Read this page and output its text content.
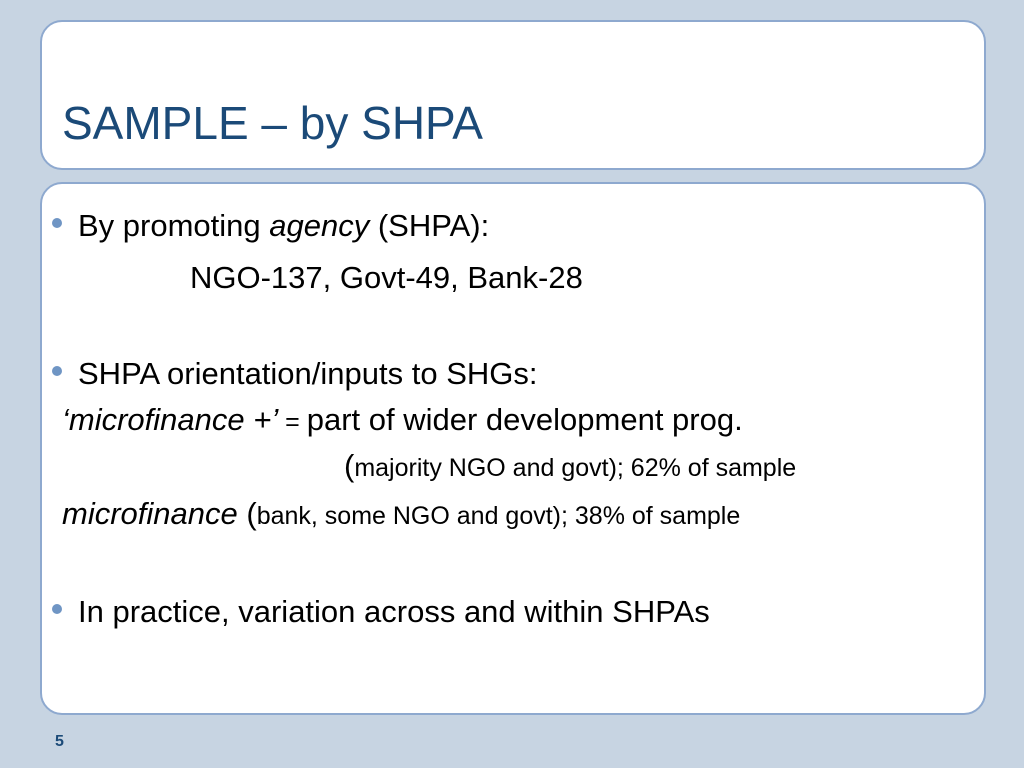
SAMPLE – by SHPA
By promoting agency (SHPA):
NGO-137, Govt-49, Bank-28
SHPA orientation/inputs to SHGs:
‘microfinance +’ = part of wider development prog.
(majority NGO and govt); 62% of sample
microfinance (bank, some NGO and govt); 38% of sample
In practice, variation across and within SHPAs
5
